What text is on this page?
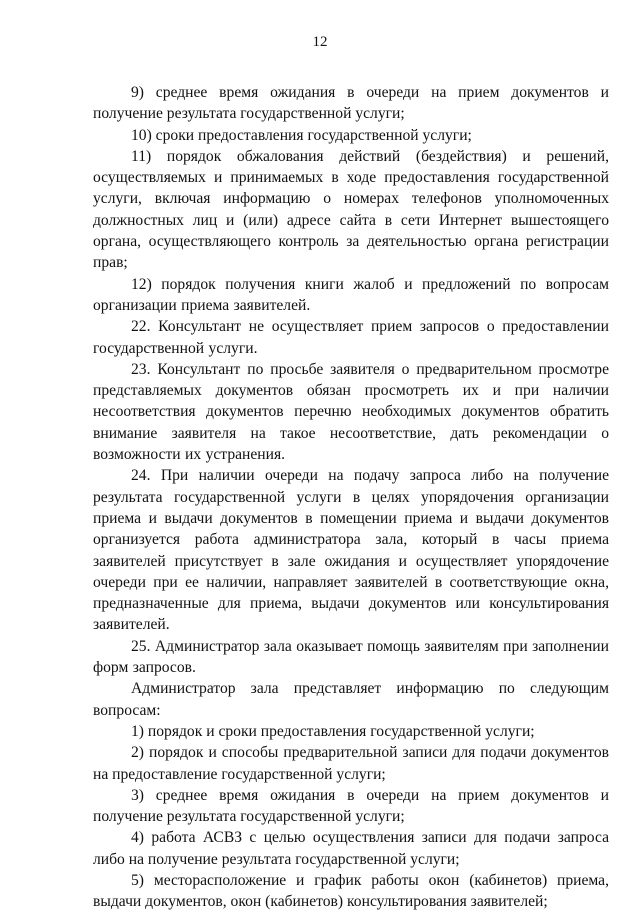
12

9) среднее время ожидания в очереди на прием документов и получение результата государственной услуги;

10) сроки предоставления государственной услуги;

11) порядок обжалования действий (бездействия) и решений, осуществляемых и принимаемых в ходе предоставления государственной услуги, включая информацию о номерах телефонов уполномоченных должностных лиц и (или) адресе сайта в сети Интернет вышестоящего органа, осуществляющего контроль за деятельностью органа регистрации прав;

12) порядок получения книги жалоб и предложений по вопросам организации приема заявителей.

22. Консультант не осуществляет прием запросов о предоставлении государственной услуги.

23. Консультант по просьбе заявителя о предварительном просмотре представляемых документов обязан просмотреть их и при наличии несоответствия документов перечню необходимых документов обратить внимание заявителя на такое несоответствие, дать рекомендации о возможности их устранения.

24. При наличии очереди на подачу запроса либо на получение результата государственной услуги в целях упорядочения организации приема и выдачи документов в помещении приема и выдачи документов организуется работа администратора зала, который в часы приема заявителей присутствует в зале ожидания и осуществляет упорядочение очереди при ее наличии, направляет заявителей в соответствующие окна, предназначенные для приема, выдачи документов или консультирования заявителей.

25. Администратор зала оказывает помощь заявителям при заполнении форм запросов.

Администратор зала представляет информацию по следующим вопросам:

1) порядок и сроки предоставления государственной услуги;

2) порядок и способы предварительной записи для подачи документов на предоставление государственной услуги;

3) среднее время ожидания в очереди на прием документов и получение результата государственной услуги;

4) работа АСВЗ с целью осуществления записи для подачи запроса либо на получение результата государственной услуги;

5) месторасположение и график работы окон (кабинетов) приема, выдачи документов, окон (кабинетов) консультирования заявителей;
